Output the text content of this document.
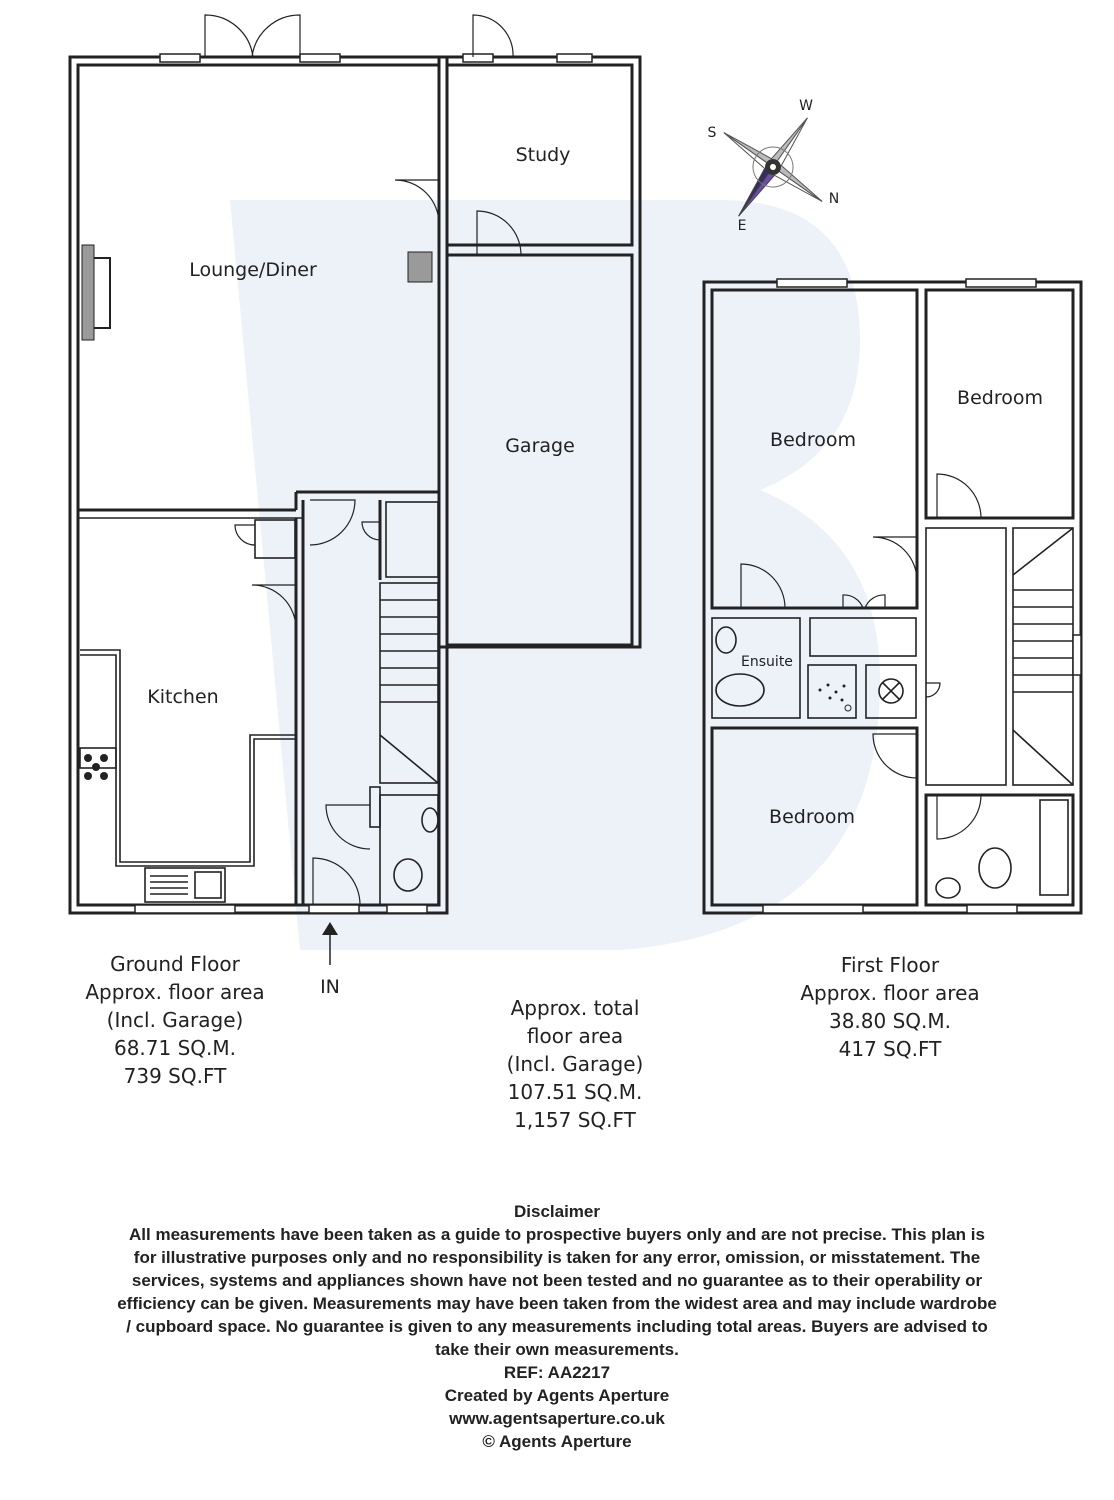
Lounge/Diner
Study
Garage
Kitchen
IN
Bedroom
Bedroom
Bedroom
Ensuite
N
S
E
W
Ground Floor
Approx. floor area
(Incl. Garage)
68.71 SQ.M.
739 SQ.FT
Approx. total
floor area
(Incl. Garage)
107.51 SQ.M.
1,157 SQ.FT
First Floor
Approx. floor area
38.80 SQ.M.
417 SQ.FT
Disclaimer
All measurements have been taken as a guide to prospective buyers only and are not precise. This plan is
for illustrative purposes only and no responsibility is taken for any error, omission, or misstatement. The
services, systems and appliances shown have not been tested and no guarantee as to their operability or
efficiency can be given. Measurements may have been taken from the widest area and may include wardrobe
/ cupboard space. No guarantee is given to any measurements including total areas. Buyers are advised to
take their own measurements.
REF: AA2217
Created by Agents Aperture
www.agentsaperture.co.uk
© Agents Aperture
